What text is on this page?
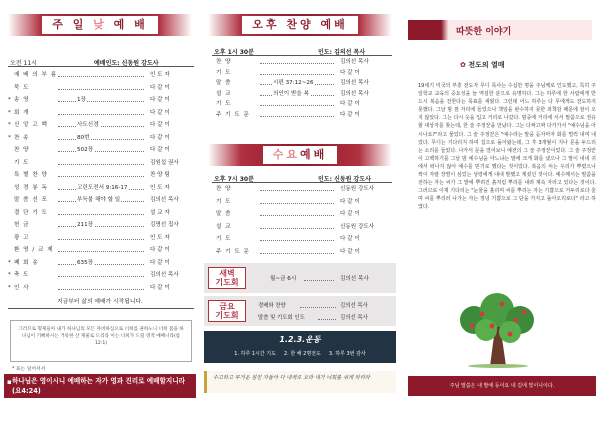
주 일 낮 예 배
오전 11시	예배인도: 신동원 강도사
예 배 의 부 름	인 도 자
묵 도	다 같 이
* 송 영	1장	다 같 이
* 회 개	다 같 이
* 신 앙 고 백	사도신경	다 같 이
* 찬 송	80번	다 같 이
찬 양	502장	다 같 이
기 도	김원섭 권사
특 별 찬 양	찬 양 팀
성 경 봉 독	고린도전서 9:16-17	인 도 자
말 씀 선 포	부득불 해야 할 일	김의선 목사
결 단 기 도	설 교 자
헌 금	211장	김명선 집사
광 고	인 도 자
환 영 / 교 제	다 같 이
* 폐 회 송	635장	다 같 이
* 축 도	김의선 목사
* 인 사	다 같 이
지금부터 삶의 예배가 시작됩니다.
그러므로 형제들아 내가 하나님의 모든 자비하심으로 너희를 권하노니 너희 몸을 하나님이 기뻐하시는 거룩한 산 제물로 드리라 이는 너희가 드릴 영적 예배니라(롬 12:1)
* 표는 일어서서
▪ 하나님은 영이시니 예배하는 자가 영과 진리로 예배할지니라 (요4:24)
오후 찬양 예배
오후 1시 30분	인도: 김의선 목사
찬 양	김의선 목사
기 도	다 같 이
말 씀	시편 37:12~26	김의선 목사
설 교	의인이 받을 복	김의선 목사
기 도	다 같 이
주 기 도 문	다 같 이
수요예배
오후 7시 30분	인도: 신동원 강도사
찬 양	신동원 강도사
기 도	다 같 이
말 씀	다 같 이
설 교	신동원 강도사
기 도	다 같 이
주 기 도 문	다 같 이
새벽
기도회	월~금 6시	김의선 목사
금요
기도회
경배와 찬양	김의선 목사
말씀 및 기도회 인도	김의선 목사
1.2.3.운동
1. 하루 1시간 기도 2. 한 해 2명전도 3. 하루 3번 감사
수고하고 무거운 짐진 자들아 다 내게로 오라 내가 너희를 쉬게 하리라
따뜻한 이야기
✿ 전도의 열매
주님 말씀은 내 발에 등이요 내 길에 빛이니이다.
19세기 미국의 부흥 전도자 무디 목사는 수십만 명을 주님께로 인도했고, 특히 주일학교 교육의 중요성을 늘 역설한 분으로 유명하다. 그는 하루에 한 사람에게 반드시 복음을 전한다는 목표를 세웠다. 그런데 어느 하루는 다 무에게도 전도하지 못했다. 그날 밤 잠 자리에 들었으나 책임을 완수하지 못한 죄책감 때문에 잠이 오지 않았다. 그는 다시 옷을 입고 거리로 나갔다. 밤중에 거리에 서서 말씀으로 권유할 대상자를 찾는데, 한 술 주정꾼을 만났다. 그는 다짜고짜 다가가서 "예수님을 아시나요?"라고 물었다. 그 술 주정꾼은 "예수라는 말을 듣자마자 화를 벌컥 내며 내었다. 무디는 기다리지 하며 집으로 돌아왔는데, 그 후 3개월이 지나 문을 두드리는 소리를 들었다. 나가서 문을 열어보니 예전의 그 술 주정꾼이었다. 그 술 주정꾼이 고백하기를 그날 밤 예수님을 아느냐는 말에 크게 화를 냈으나 그 말이 내내 귀에서 떠나지 않아 예수를 믿기로 했다는 것이었다. 복음의 씨는 우리가 뿌렸으나 싹이 자랄 장벌이 심었는 성령에게 내내 발했고 계셨던 것이다. 예수께서는 말씀을 전하는 자는 씨가 그 밭에 뿌려진 흙처럼 뿌리를 내려 계속 자라고 있다는 것이다. 그러므로 이제 기다리는 "눈물을 흘리며 씨를 뿌리는 자는 기쁨으로 거두리로다 울며 씨를 뿌리러 나가는 자는 정녕 기쁨으로 그 단을 가지고 돌아오리로다" 라고 하였다.
